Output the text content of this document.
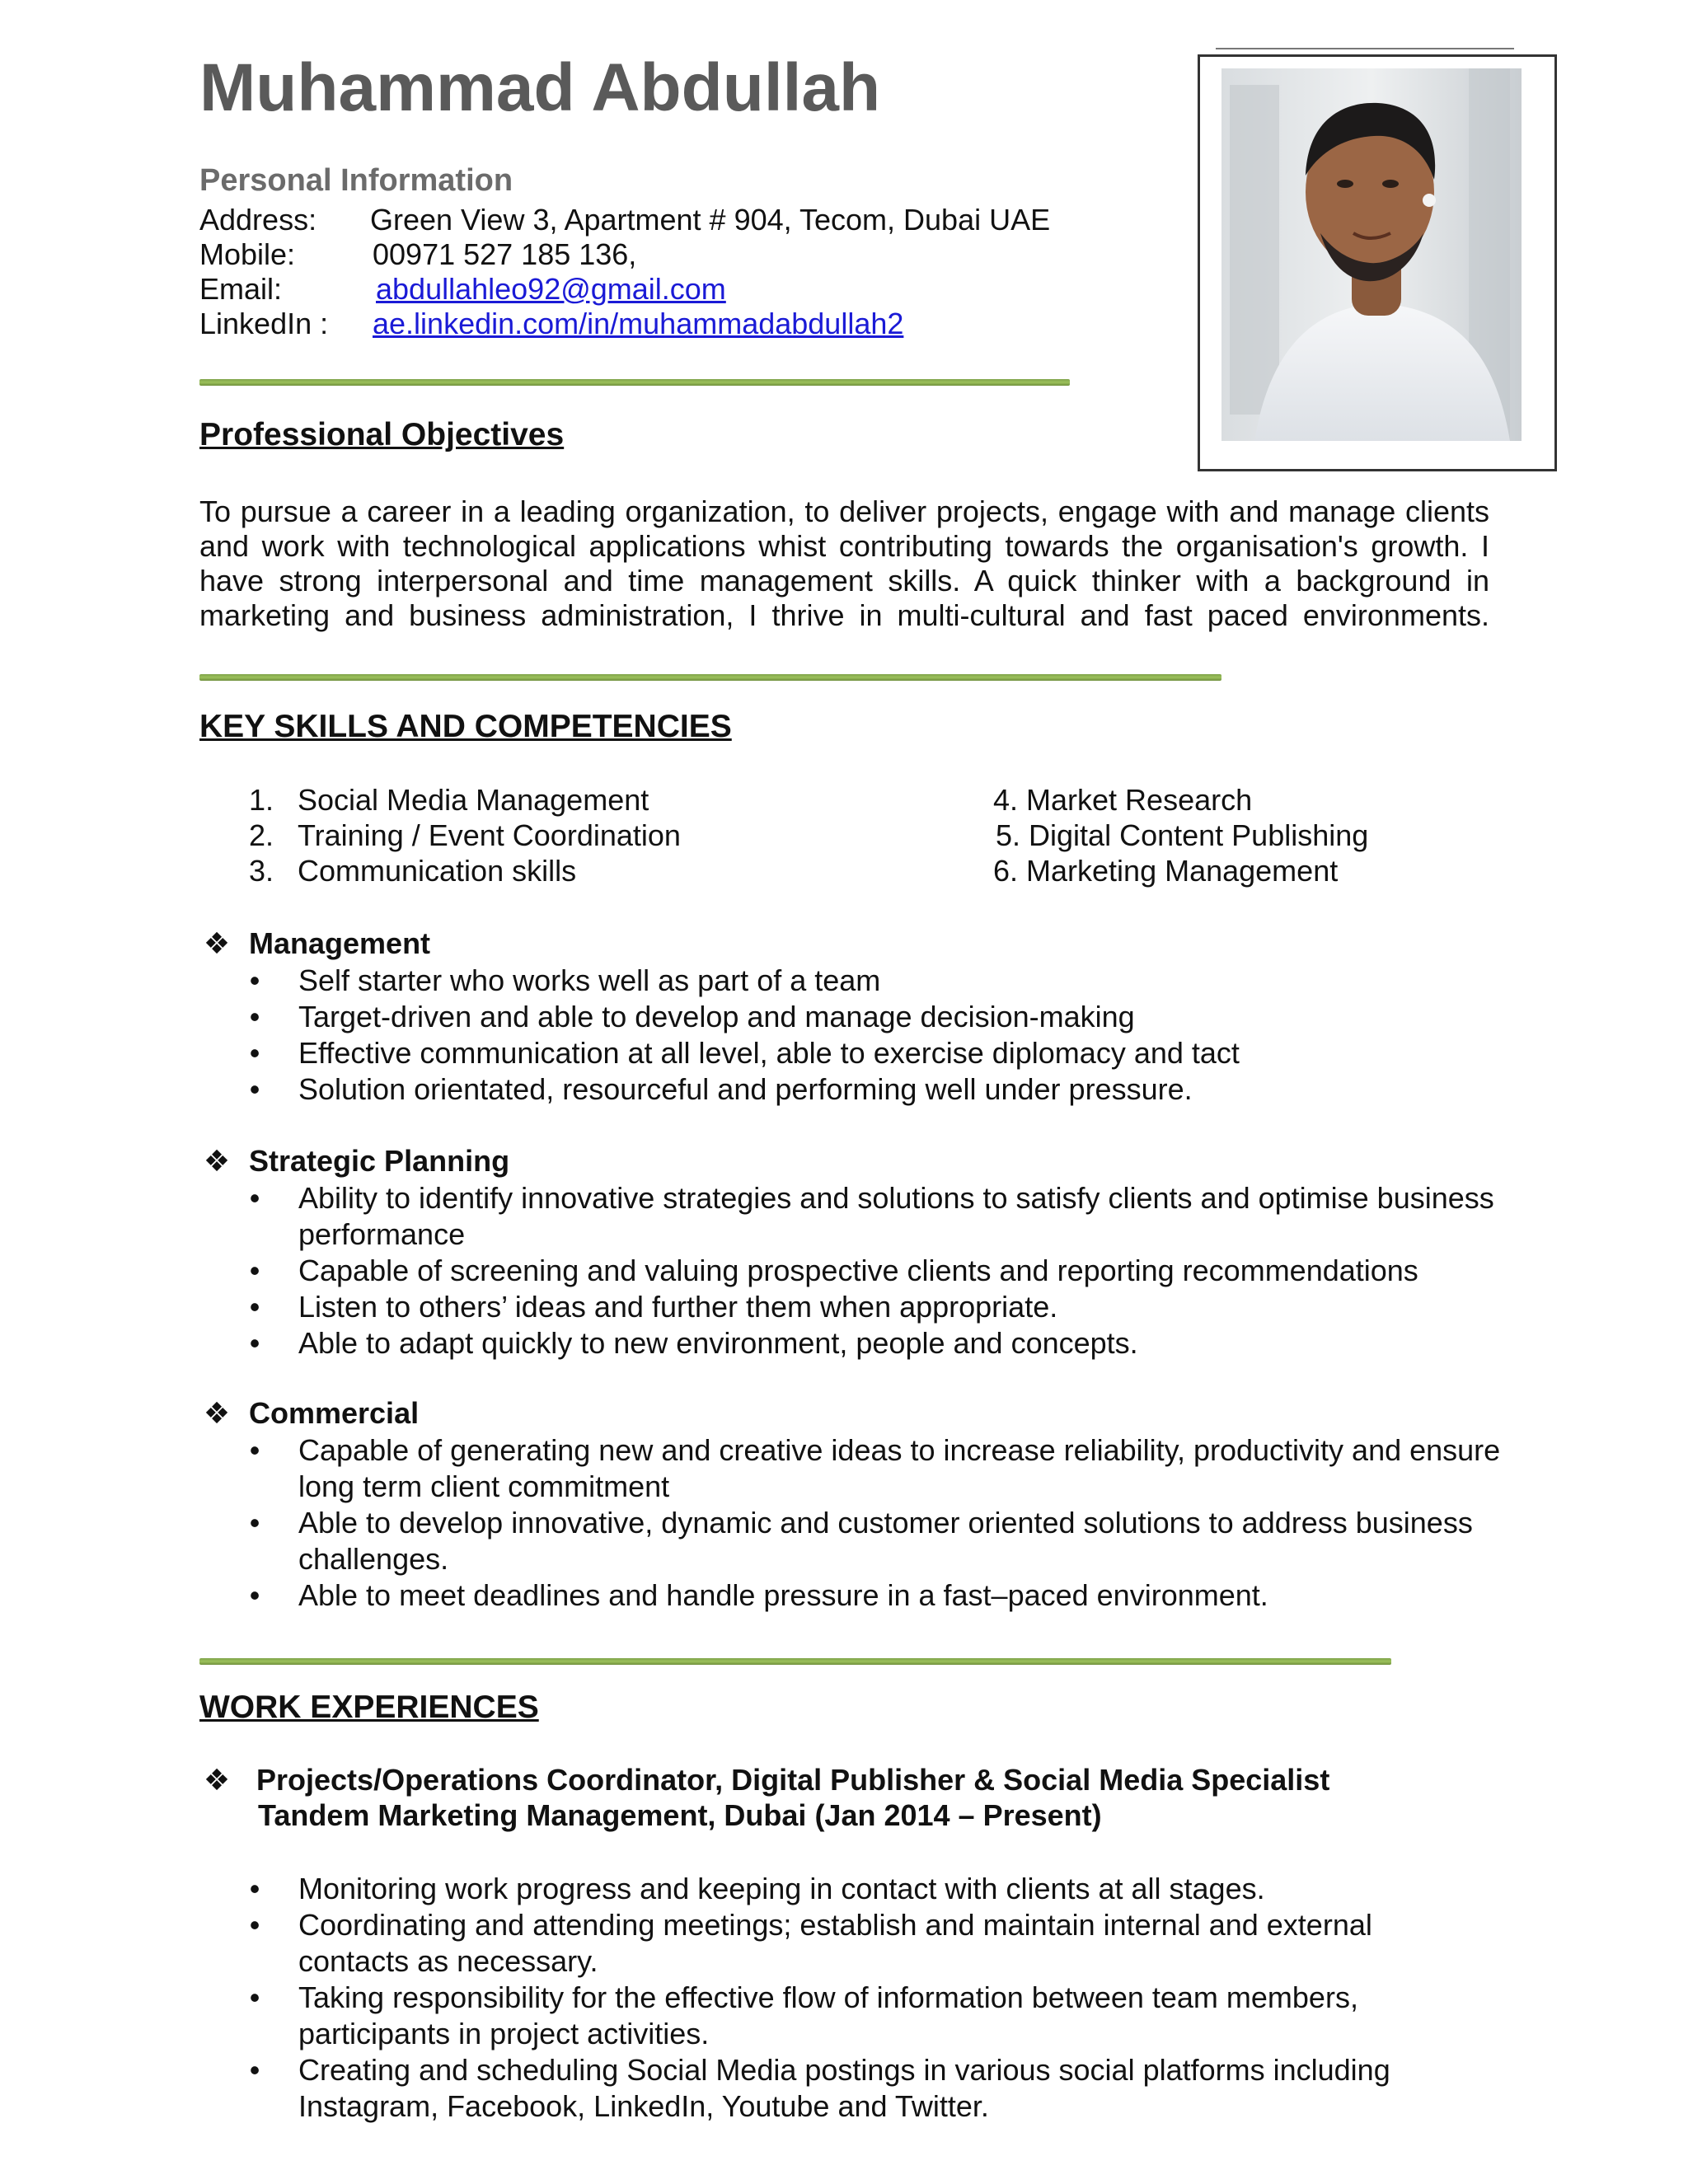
Muhammad Abdullah
Personal Information
Address: Green View 3, Apartment # 904, Tecom, Dubai UAE
Mobile:	00971 527 185 136,
Email:	abdullahleo92@gmail.com
LinkedIn : ae.linkedin.com/in/muhammadabdullah2
Professional Objectives
To pursue a career in a leading organization, to deliver projects, engage with and manage clients
and work with technological applications whist contributing towards the organisation's growth. I
have strong interpersonal and time management skills. A quick thinker with a background in
marketing and business administration, I thrive in multi-cultural and fast paced environments.
KEY SKILLS AND COMPETENCIES
1. Social Media Management
2. Training / Event Coordination
3. Communication skills
4. Market Research
5. Digital Content Publishing
6. Marketing Management
❖ Management
• Self starter who works well as part of a team
• Target-driven and able to develop and manage decision-making
• Effective communication at all level, able to exercise diplomacy and tact
• Solution orientated, resourceful and performing well under pressure.
❖ Strategic Planning
• Ability to identify innovative strategies and solutions to satisfy clients and optimise business performance
• Capable of screening and valuing prospective clients and reporting recommendations
• Listen to others’ ideas and further them when appropriate.
• Able to adapt quickly to new environment, people and concepts.
❖ Commercial
• Capable of generating new and creative ideas to increase reliability, productivity and ensure long term client commitment
• Able to develop innovative, dynamic and customer oriented solutions to address business challenges.
• Able to meet deadlines and handle pressure in a fast–paced environment.
WORK EXPERIENCES
❖ Projects/Operations Coordinator, Digital Publisher & Social Media Specialist
Tandem Marketing Management, Dubai (Jan 2014 – Present)
• Monitoring work progress and keeping in contact with clients at all stages.
• Coordinating and attending meetings; establish and maintain internal and external contacts as necessary.
• Taking responsibility for the effective flow of information between team members, participants in project activities.
• Creating and scheduling Social Media postings in various social platforms including Instagram, Facebook, LinkedIn, Youtube and Twitter.
